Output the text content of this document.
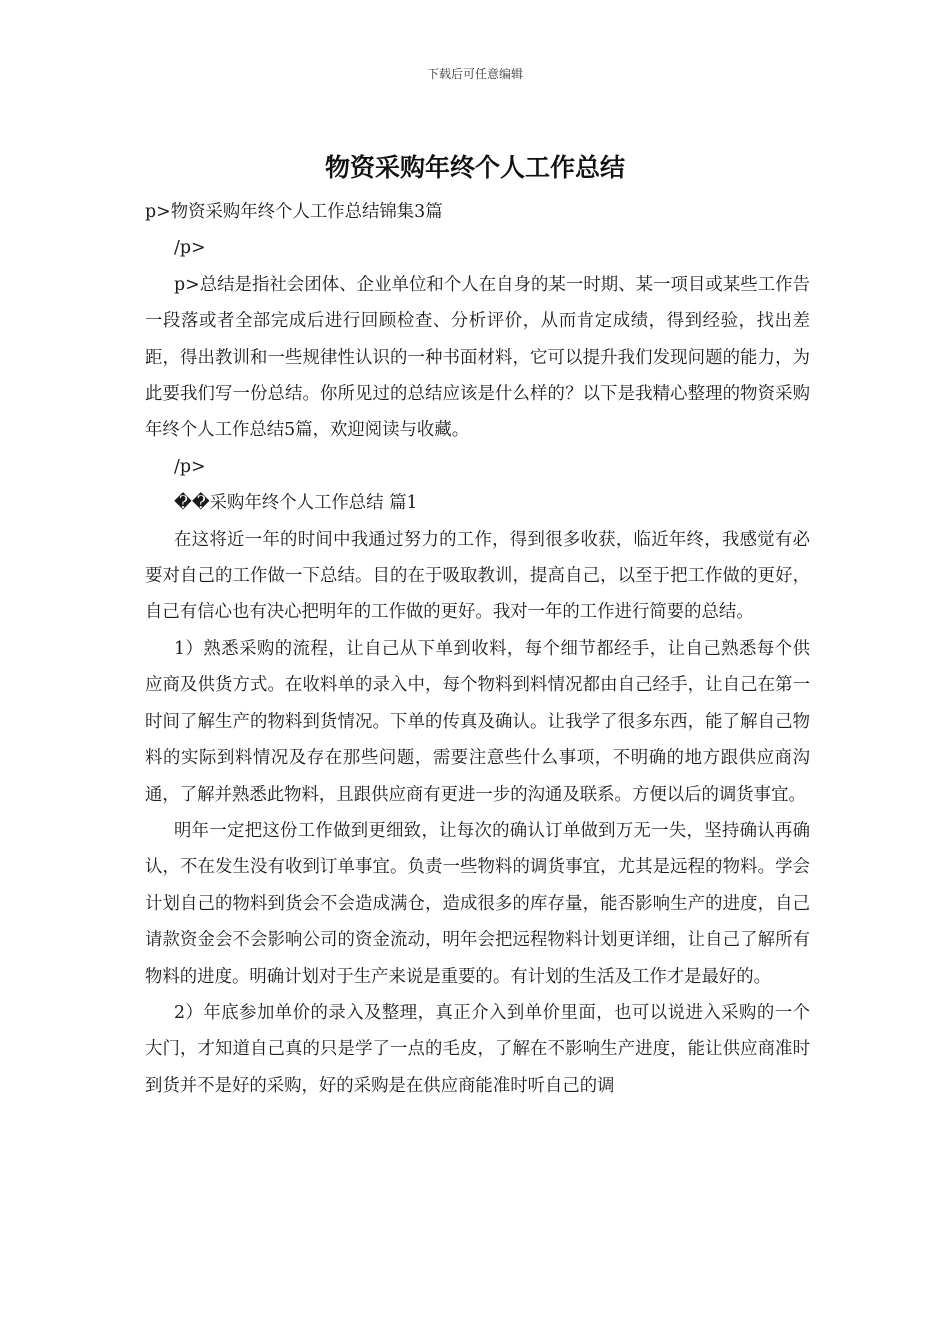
下载后可任意编辑
物资采购年终个人工作总结

p>物资采购年终个人工作总结锦集3篇

/p>

p>总结是指社会团体、企业单位和个人在自身的某一时期、某一项目或某些工作告一段落或者全部完成后进行回顾检查、分析评价，从而肯定成绩，得到经验，找出差距，得出教训和一些规律性认识的一种书面材料，它可以提升我们发现问题的能力，为此要我们写一份总结。你所见过的总结应该是什么样的？以下是我精心整理的物资采购年终个人工作总结5篇，欢迎阅读与收藏。

/p>

��采购年终个人工作总结 篇1

在这将近一年的时间中我通过努力的工作，得到很多收获，临近年终，我感觉有必要对自己的工作做一下总结。目的在于吸取教训，提高自己，以至于把工作做的更好，自己有信心也有决心把明年的工作做的更好。我对一年的工作进行简要的总结。

1）熟悉采购的流程，让自己从下单到收料，每个细节都经手，让自己熟悉每个供应商及供货方式。在收料单的录入中，每个物料到料情况都由自己经手，让自己在第一时间了解生产的物料到货情况。下单的传真及确认。让我学了很多东西，能了解自己物料的实际到料情况及存在那些问题，需要注意些什么事项，不明确的地方跟供应商沟通，了解并熟悉此物料，且跟供应商有更进一步的沟通及联系。方便以后的调货事宜。

明年一定把这份工作做到更细致，让每次的确认订单做到万无一失，坚持确认再确认，不在发生没有收到订单事宜。负责一些物料的调货事宜，尤其是远程的物料。学会计划自己的物料到货会不会造成满仓，造成很多的库存量，能否影响生产的进度，自己请款资金会不会影响公司的资金流动，明年会把远程物料计划更详细，让自己了解所有物料的进度。明确计划对于生产来说是重要的。有计划的生活及工作才是最好的。

2）年底参加单价的录入及整理，真正介入到单价里面，也可以说进入采购的一个大门，才知道自己真的只是学了一点的毛皮，了解在不影响生产进度，能让供应商准时到货并不是好的采购，好的采购是在供应商能准时听自己的调
